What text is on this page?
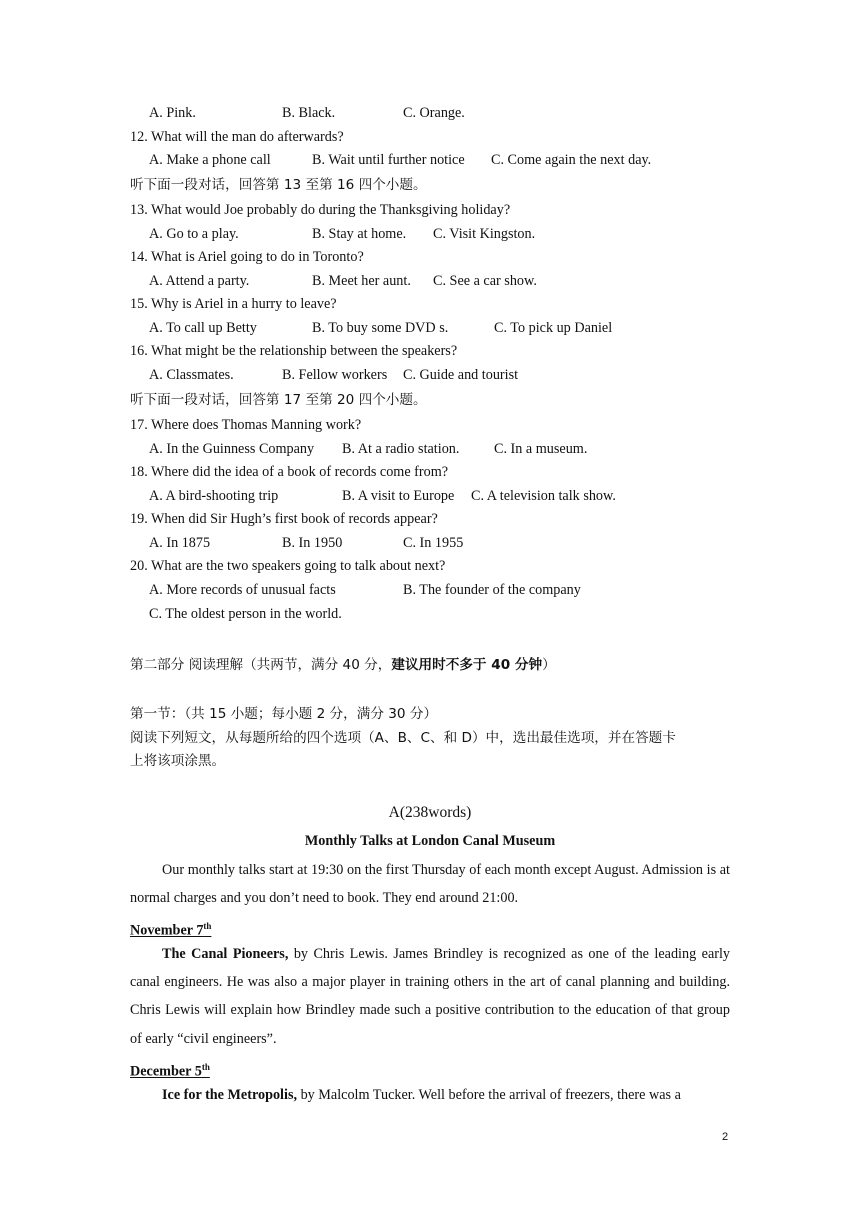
A. Pink.	B. Black.	C. Orange.
12. What will the man do afterwards?
A. Make a phone call	B. Wait until further notice C. Come again the next day.
听下面一段对话，回答第 13 至第 16 四个小题。
13. What would Joe probably do during the Thanksgiving holiday?
A. Go to a play.	B. Stay at home. C. Visit Kingston.
14. What is Ariel going to do in Toronto?
A. Attend a party.	B. Meet her aunt. C. See a car show.
15. Why is Ariel in a hurry to leave?
A. To call up Betty	B. To buy some DVD s.	C. To pick up Daniel
16. What might be the relationship between the speakers?
A. Classmates.	B. Fellow workers C. Guide and tourist
听下面一段对话，回答第 17 至第 20 四个小题。
17. Where does Thomas Manning work?
A. In the Guinness Company B. At a radio station. C. In a museum.
18. Where did the idea of a book of records come from?
A. A bird-shooting trip	B. A visit to Europe C. A television talk show.
19. When did Sir Hugh’s first book of records appear?
A. In 1875	B. In 1950	C. In 1955
20. What are the two speakers going to talk about next?
A. More records of unusual facts	B. The founder of the company
C. The oldest person in the world.
第二部分 阅读理解（共两节，满分 40 分，建议用时不多于 40 分钟）
第一节：（共 15 小题；每小题 2 分，满分 30 分）
阅读下列短文，从每题所给的四个选项（A、B、C、和 D）中，选出最佳选项，并在答题卡
上将该项涂黑。
A(238words)
Monthly Talks at London Canal Museum
Our monthly talks start at 19:30 on the first Thursday of each month except August. Admission is at normal charges and you don’t need to book. They end around 21:00.
November 7th
The Canal Pioneers, by Chris Lewis. James Brindley is recognized as one of the leading early canal engineers. He was also a major player in training others in the art of canal planning and building. Chris Lewis will explain how Brindley made such a positive contribution to the education of that group of early “civil engineers”.
December 5th
Ice for the Metropolis, by Malcolm Tucker. Well before the arrival of freezers, there was a
2
